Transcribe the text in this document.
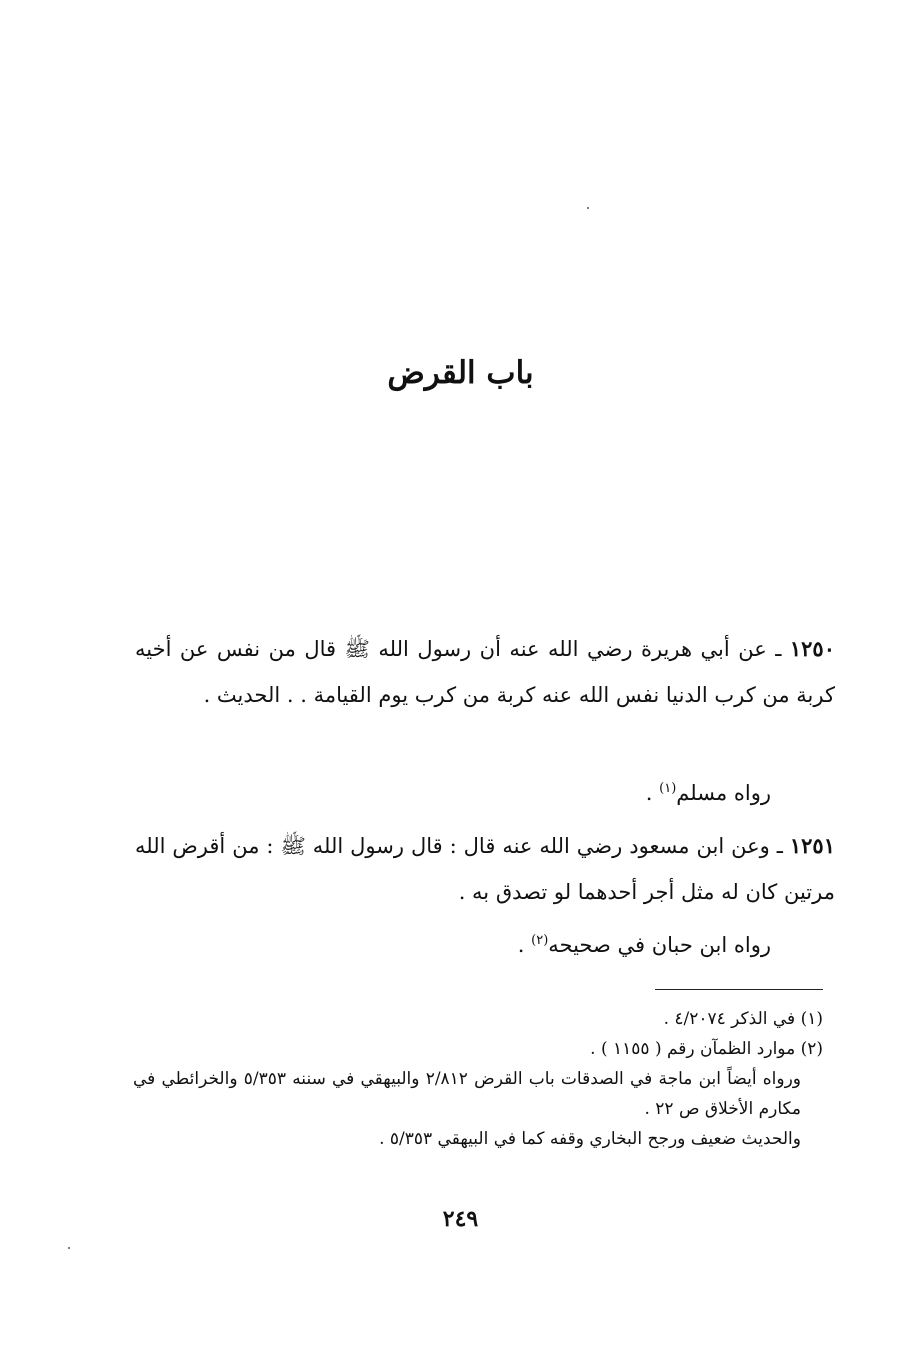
باب القرض

١٢٥٠ ـ عن أبي هريرة رضي الله عنه أن رسول الله ﷺ قال من نفس عن أخيه كربة من كرب الدنيا نفس الله عنه كربة من كرب يوم القيامة . . الحديث .

رواه مسلم$^{(١)}$ .

١٢٥١ ـ وعن ابن مسعود رضي الله عنه قال : قال رسول الله ﷺ : من أقرض الله مرتين كان له مثل أجر أحدهما لو تصدق به .

رواه ابن حبان في صحيحه$^{(٢)}$ .

(١) في الذكر ٤/٢٠٧٤ .

(٢) موارد الظمآن رقم ( ١١٥٥ ) .

ورواه أيضاً ابن ماجة في الصدقات باب القرض ٢/٨١٢ والبيهقي في سننه ٥/٣٥٣ والخرائطي في مكارم الأخلاق ص ٢٢ .

والحديث ضعيف ورجح البخاري وقفه كما في البيهقي ٥/٣٥٣ .

٢٤٩
